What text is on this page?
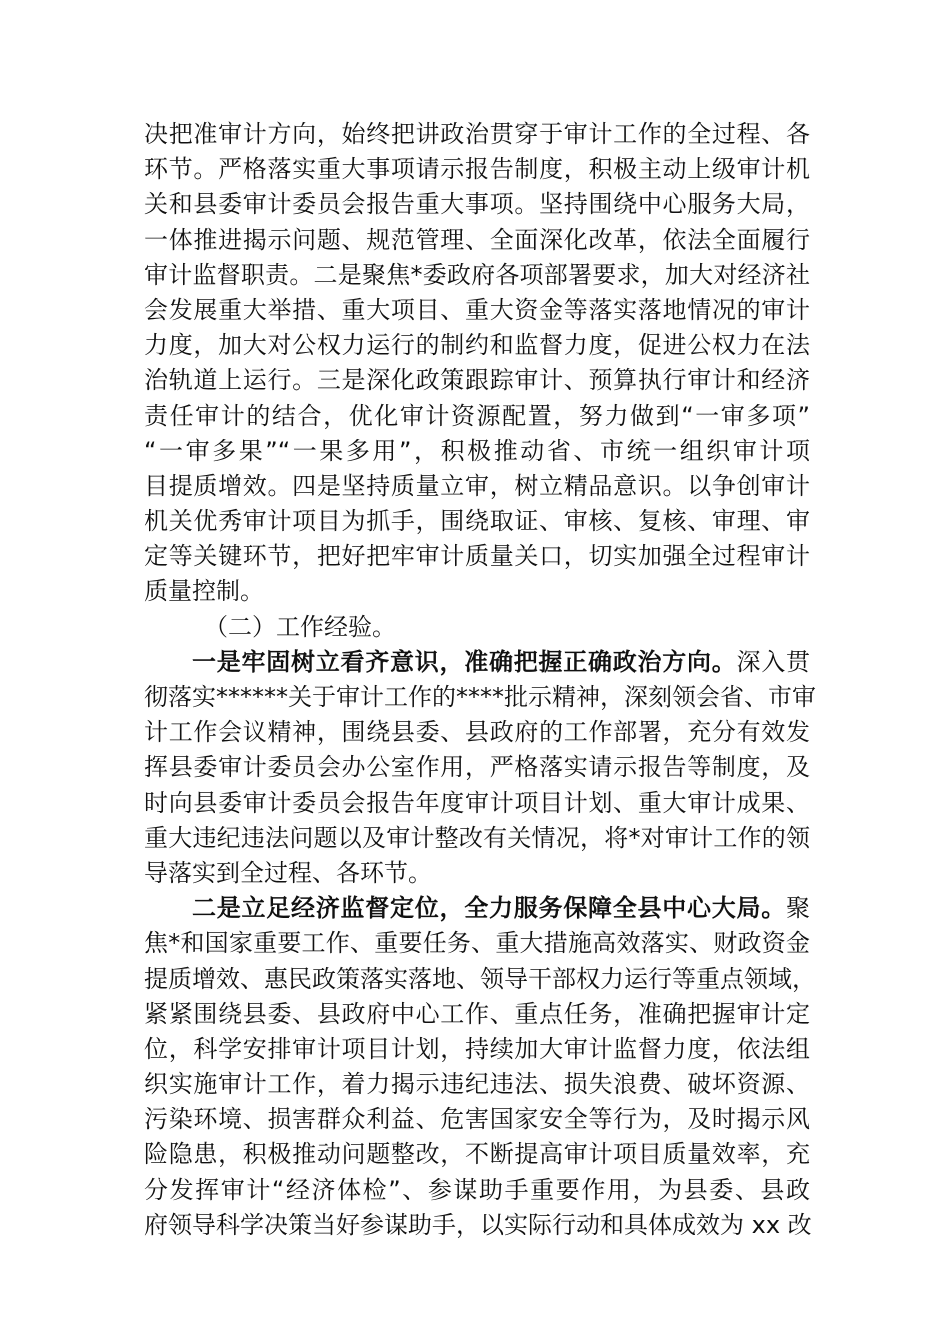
决把准审计方向，始终把讲政治贯穿于审计工作的全过程、各
环节。严格落实重大事项请示报告制度，积极主动上级审计机
关和县委审计委员会报告重大事项。坚持围绕中心服务大局，
一体推进揭示问题、规范管理、全面深化改革，依法全面履行
审计监督职责。二是聚焦*委政府各项部署要求，加大对经济社
会发展重大举措、重大项目、重大资金等落实落地情况的审计
力度，加大对公权力运行的制约和监督力度，促进公权力在法
治轨道上运行。三是深化政策跟踪审计、预算执行审计和经济
责任审计的结合，优化审计资源配置，努力做到“一审多项”
“一审多果”“一果多用”，积极推动省、市统一组织审计项
目提质增效。四是坚持质量立审，树立精品意识。以争创审计
机关优秀审计项目为抓手，围绕取证、审核、复核、审理、审
定等关键环节，把好把牢审计质量关口，切实加强全过程审计
质量控制。
（二）工作经验。
一是牢固树立看齐意识，准确把握正确政治方向。深入贯
彻落实******关于审计工作的****批示精神，深刻领会省、市审
计工作会议精神，围绕县委、县政府的工作部署，充分有效发
挥县委审计委员会办公室作用，严格落实请示报告等制度，及
时向县委审计委员会报告年度审计项目计划、重大审计成果、
重大违纪违法问题以及审计整改有关情况，将*对审计工作的领
导落实到全过程、各环节。
二是立足经济监督定位，全力服务保障全县中心大局。聚
焦*和国家重要工作、重要任务、重大措施高效落实、财政资金
提质增效、惠民政策落实落地、领导干部权力运行等重点领域，
紧紧围绕县委、县政府中心工作、重点任务，准确把握审计定
位，科学安排审计项目计划，持续加大审计监督力度，依法组
织实施审计工作，着力揭示违纪违法、损失浪费、破坏资源、
污染环境、损害群众利益、危害国家安全等行为，及时揭示风
险隐患，积极推动问题整改，不断提高审计项目质量效率，充
分发挥审计“经济体检”、参谋助手重要作用，为县委、县政
府领导科学决策当好参谋助手，以实际行动和具体成效为 xx 改
